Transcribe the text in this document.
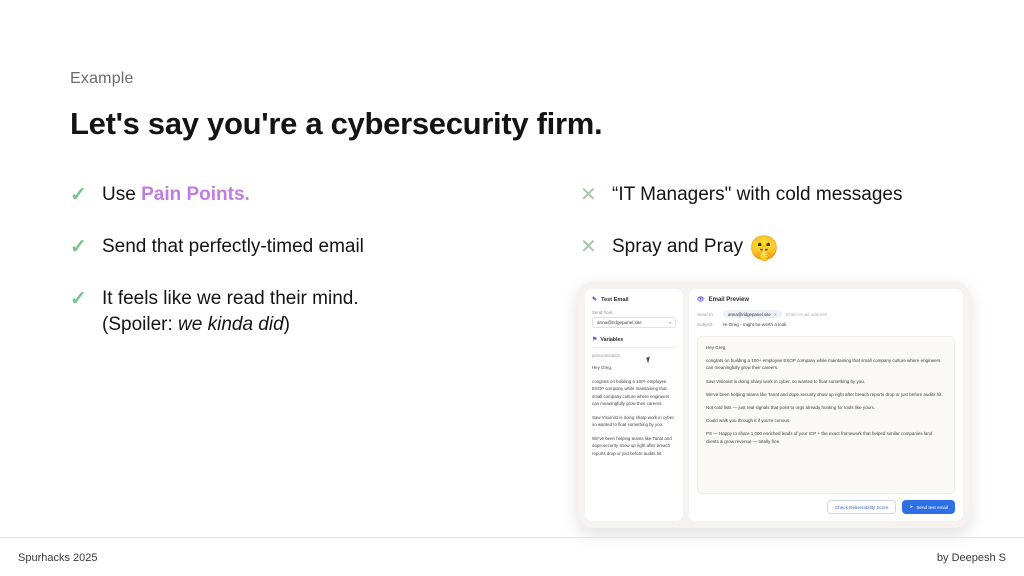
Example
Let's say you're a cybersecurity firm.
✓ Use Pain Points.
✓ Send that perfectly-timed email
✓ It feels like we read their mind.
(Spoiler: we kinda did)
✕ “IT Managers" with cold messages
✕ Spray and Pray 🤫
✎ Test Email
Send from:
anna@ridgepanel.site	▾
⚑ Variables
personalization
Hey Greg,
congrats on building a 100+ employee ESOP company while maintaining that small company culture where engineers can meaningfully grow their careers.
Saw Visionist is doing sharp work in cyber, so wanted to float something by you.
We've been helping teams like Tanat and dope.security show up right after breach reports drop or just before audits hit.
👁 Email Preview
Send to:	anna@ridgepanel.site ✕ Enter email address
Subject:	Hi Greg - might be worth a look

Hey Greg,

congrats on building a 100+ employee ESOP company while maintaining that small company culture where engineers can meaningfully grow their careers.

Saw Visionist is doing sharp work in cyber, so wanted to float something by you.

We've been helping teams like Tanat and dope.security show up right after breach reports drop or just before audits hit.

Not cold lists — just real signals that point to orgs already hunting for tools like yours.

Could walk you through it if you're curious.

PS — Happy to share 1,000 enriched leads of your ICP + the exact framework that helped similar companies land clients & grow revenue — totally free.

Check Deliverability Score	➤ Send test email
Spurhacks 2025	by Deepesh S
